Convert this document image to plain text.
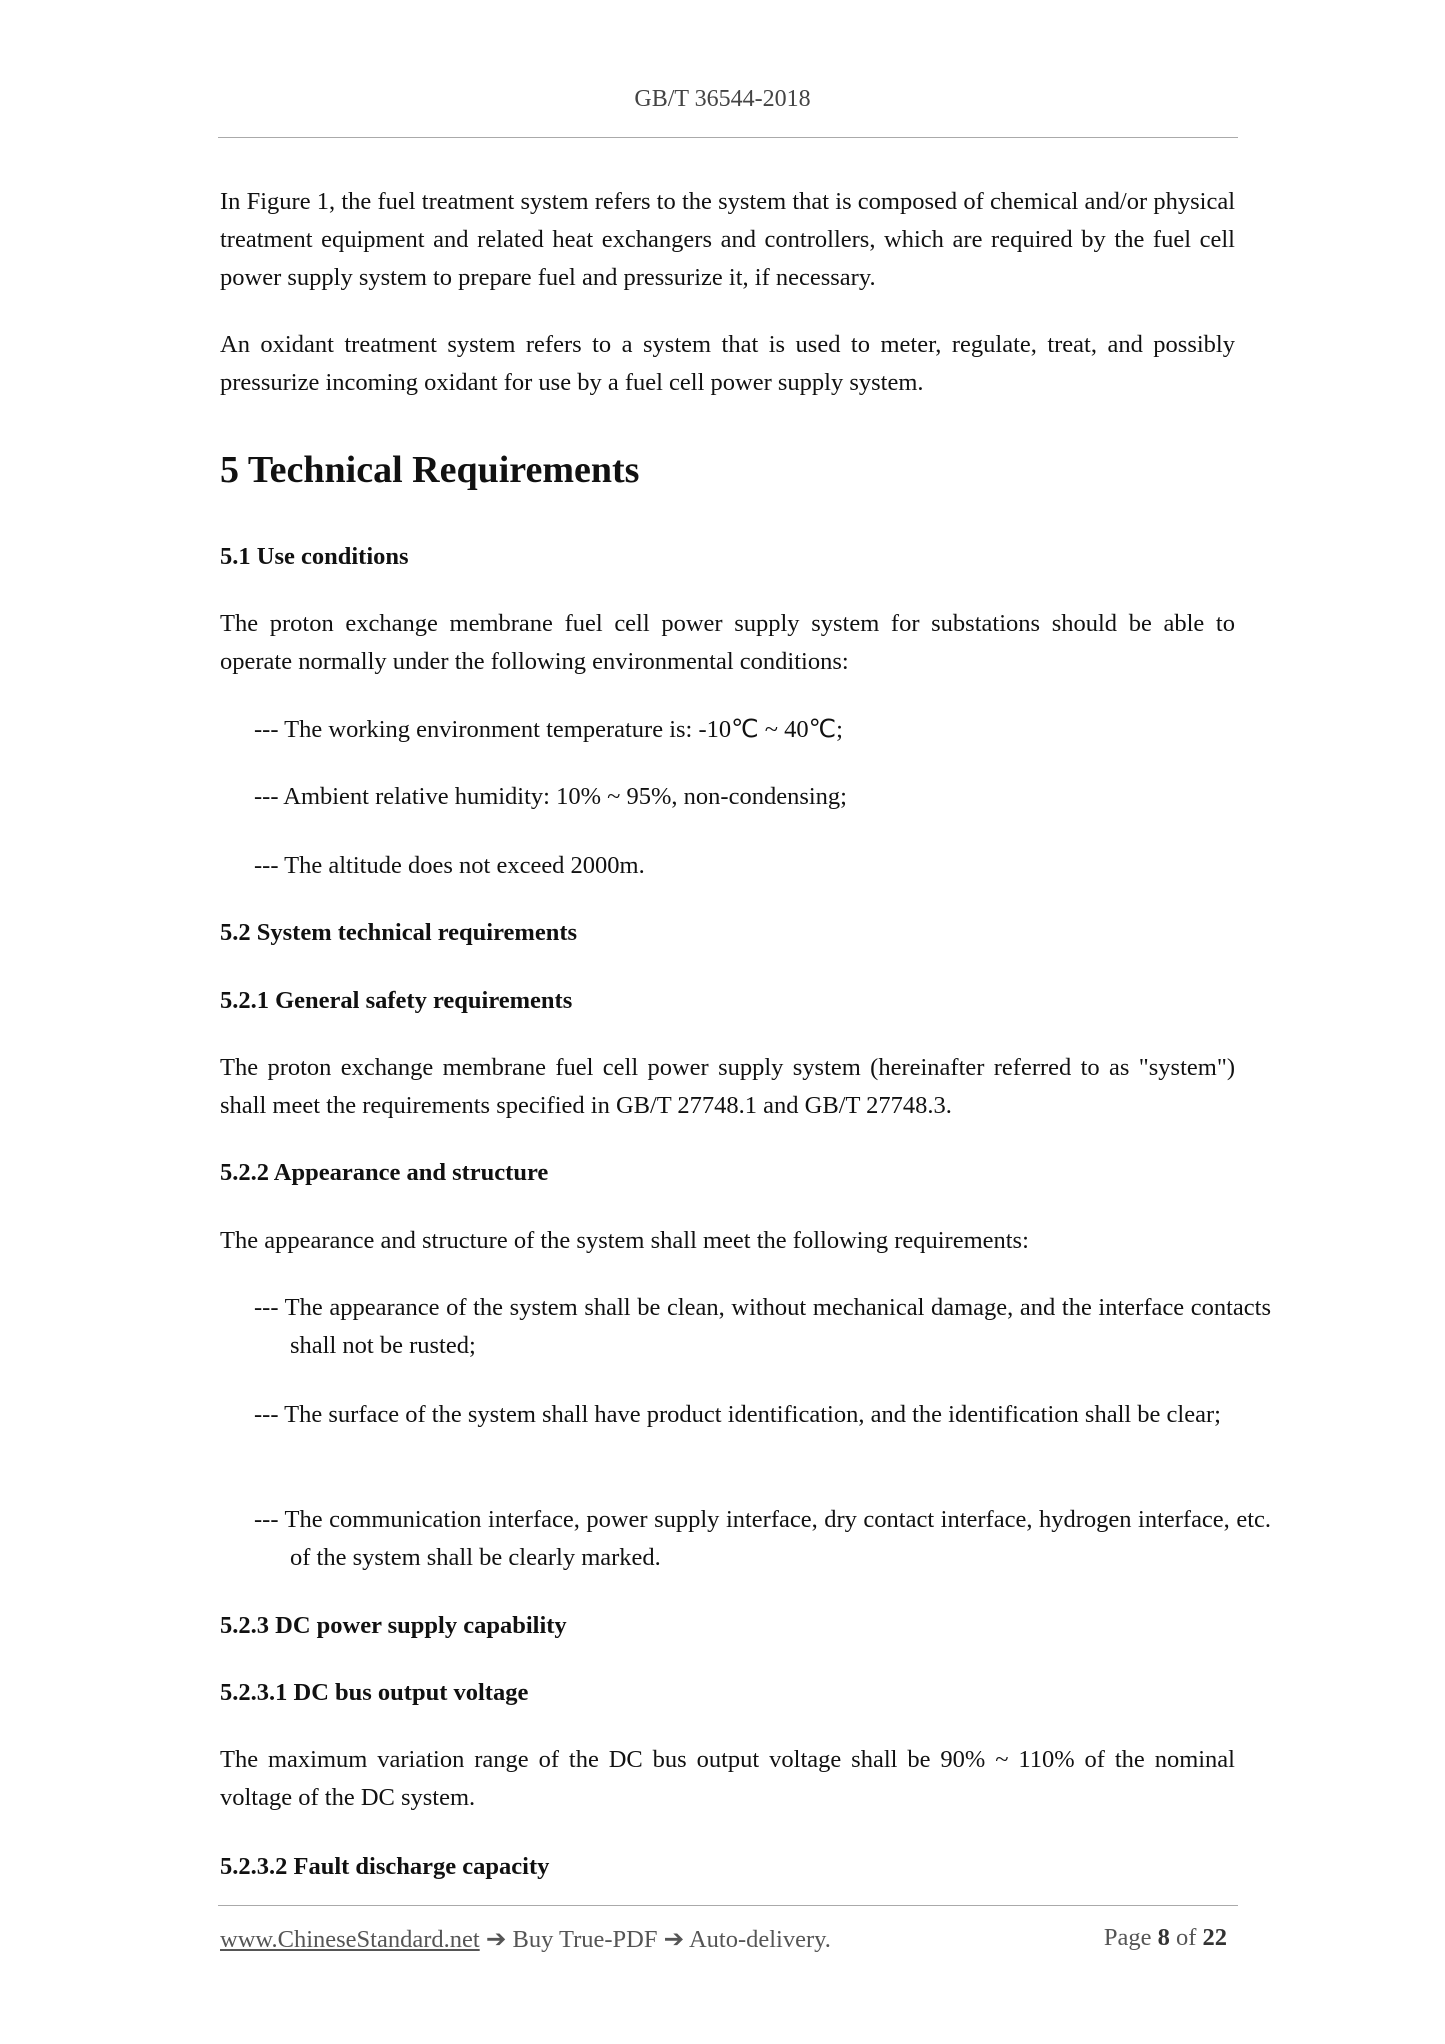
GB/T 36544-2018
In Figure 1, the fuel treatment system refers to the system that is composed of chemical and/or physical treatment equipment and related heat exchangers and controllers, which are required by the fuel cell power supply system to prepare fuel and pressurize it, if necessary.
An oxidant treatment system refers to a system that is used to meter, regulate, treat, and possibly pressurize incoming oxidant for use by a fuel cell power supply system.
5 Technical Requirements
5.1 Use conditions
The proton exchange membrane fuel cell power supply system for substations should be able to operate normally under the following environmental conditions:
--- The working environment temperature is: -10℃ ~ 40℃;
--- Ambient relative humidity: 10% ~ 95%, non-condensing;
--- The altitude does not exceed 2000m.
5.2 System technical requirements
5.2.1 General safety requirements
The proton exchange membrane fuel cell power supply system (hereinafter referred to as "system") shall meet the requirements specified in GB/T 27748.1 and GB/T 27748.3.
5.2.2 Appearance and structure
The appearance and structure of the system shall meet the following requirements:
--- The appearance of the system shall be clean, without mechanical damage, and the interface contacts shall not be rusted;
--- The surface of the system shall have product identification, and the identification shall be clear;
--- The communication interface, power supply interface, dry contact interface, hydrogen interface, etc. of the system shall be clearly marked.
5.2.3 DC power supply capability
5.2.3.1 DC bus output voltage
The maximum variation range of the DC bus output voltage shall be 90% ~ 110% of the nominal voltage of the DC system.
5.2.3.2 Fault discharge capacity
www.ChineseStandard.net ➔ Buy True-PDF ➔ Auto-delivery.	Page 8 of 22
